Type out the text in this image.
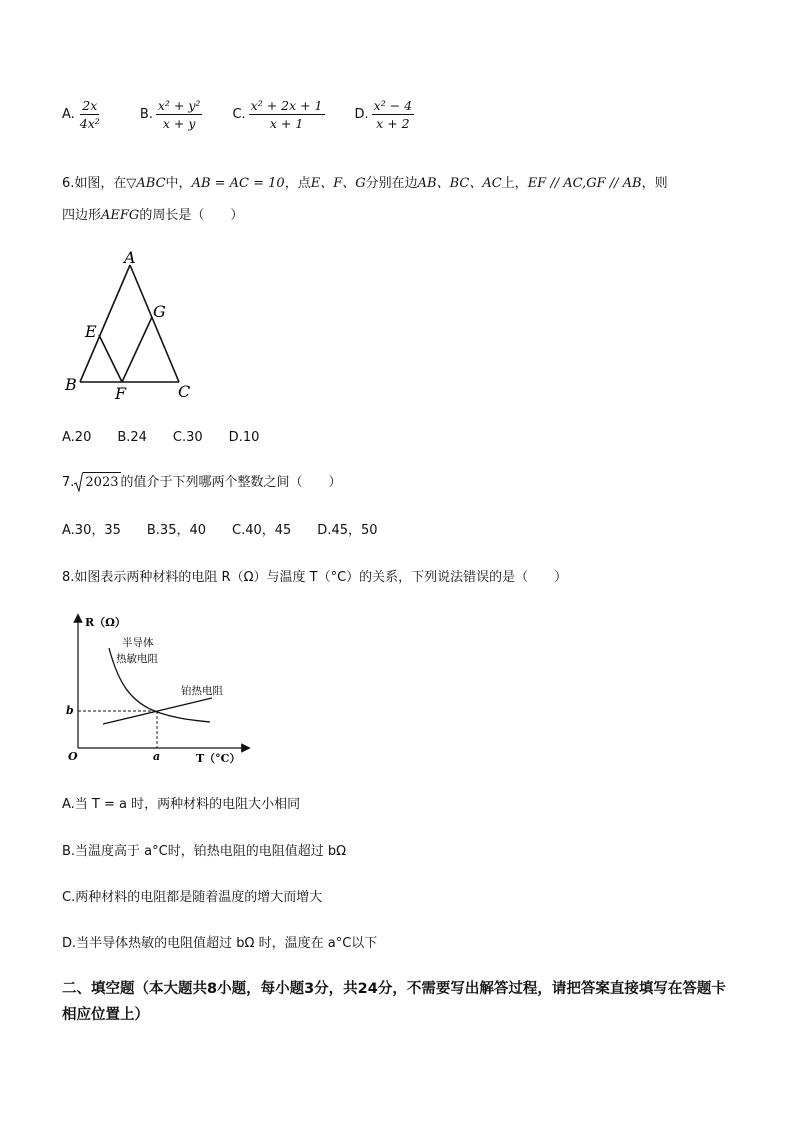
A. $\frac{2x}{\text{4x²}}$	B. $\frac{\text{x² + y²}}{x + y} C$. $\frac{\text{x² + 2x + 1}}{x + 1} D$. $\frac{\text{x² − 4}}{x + 2}$
6.如图，在▽ABC中，AB = AC = 10，点E、F、G分别在边AB、BC、AC上，EF // AC,GF // AB，则
四边形AEFG的周长是（　　）
A
E
G
B F	C
A.20　　B.24　　C.30　　D.10
7. 2023 的值介于下列哪两个整数之间（　　）
A.30，35　　B.35，40　　C.40，45　　D.45，50
8.如图表示两种材料的电阻 R（Ω）与温度 T（°C）的关系，下列说法错误的是（　　）
R（Ω）
T（°C）
O	a
b
半导体
热敏电阻
铂热电阻
A.当 T = a 时，两种材料的电阻大小相同
B.当温度高于 a°C时，铂热电阻的电阻值超过 bΩ
C.两种材料的电阻都是随着温度的增大而增大
D.当半导体热敏的电阻值超过 bΩ 时，温度在 a°C以下
二、填空题（本大题共8小题，每小题3分，共24分，不需要写出解答过程，请把答案直接填写在答题卡相应位置上）
